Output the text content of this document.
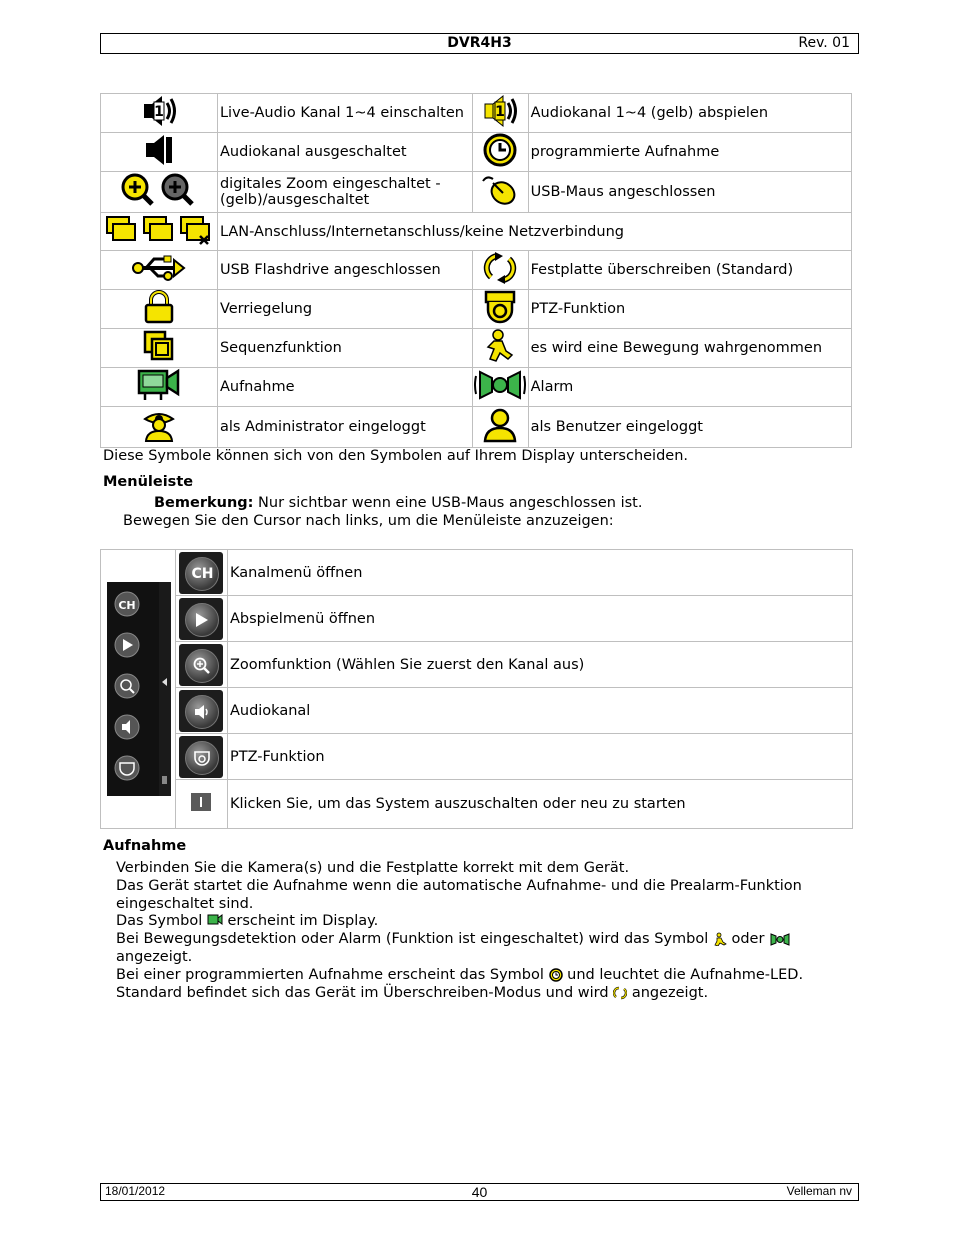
DVR4H3	Rev. 01
1	Live-Audio Kanal 1~4 einschalten	1	Audiokanal 1~4 (gelb) abspielen
	Audiokanal ausgeschaltet		programmierte Aufnahme
	digitales Zoom eingeschaltet - (gelb)/ausgeschaltet		USB-Maus angeschlossen
	LAN-Anschluss/Internetanschluss/keine Netzverbindung		
	USB Flashdrive angeschlossen		Festplatte überschreiben (Standard)
	Verriegelung		PTZ-Funktion
	Sequenzfunktion		es wird eine Bewegung wahrgenommen
	Aufnahme		Alarm
	als Administrator eingeloggt		als Benutzer eingeloggt
Diese Symbole können sich von den Symbolen auf Ihrem Display unterscheiden.
Menüleiste
Bemerkung: Nur sichtbar wenn eine USB-Maus angeschlossen ist.
Bewegen Sie den Cursor nach links, um die Menüleiste anzuzeigen:
CH	CH	Kanalmenü öffnen

	Abspielmenü öffnen

	Zoomfunktion (Wählen Sie zuerst den Kanal aus)

	Audiokanal

	PTZ-Funktion
	Klicken Sie, um das System auszuschalten oder neu zu starten
Aufnahme
Verbinden Sie die Kamera(s) und die Festplatte korrekt mit dem Gerät.
Das Gerät startet die Aufnahme wenn die automatische Aufnahme- und die Prealarm-Funktion
eingeschaltet sind.
Das Symbol  erscheint im Display.
Bei Bewegungsdetektion oder Alarm (Funktion ist eingeschaltet) wird das Symbol  oder
angezeigt.
Bei einer programmierten Aufnahme erscheint das Symbol  und leuchtet die Aufnahme-LED.
Standard befindet sich das Gerät im Überschreiben-Modus und wird  angezeigt.
18/01/2012	40	Velleman nv
